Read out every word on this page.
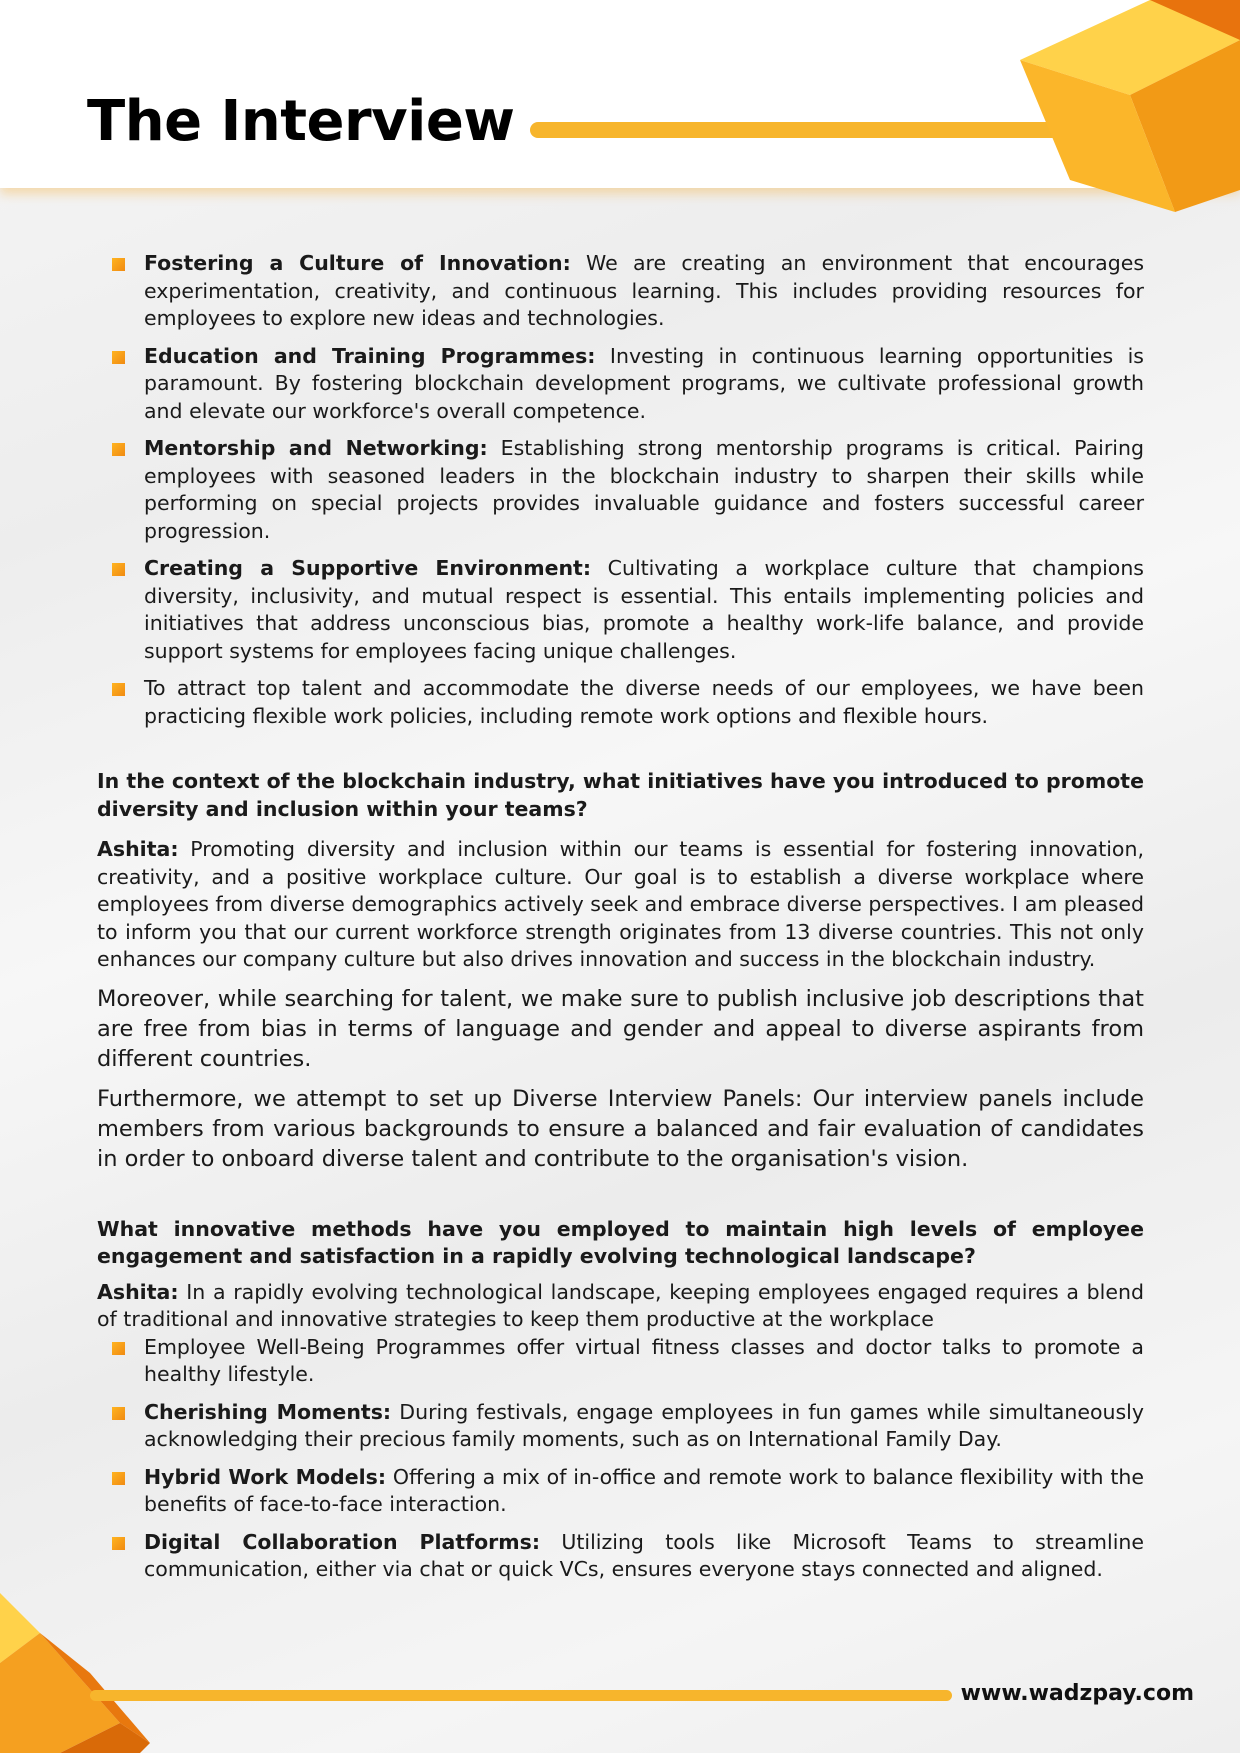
The Interview
Fostering a Culture of Innovation: We are creating an environment that encourages experimentation, creativity, and continuous learning. This includes providing resources for employees to explore new ideas and technologies.
Education and Training Programmes: Investing in continuous learning opportunities is paramount. By fostering blockchain development programs, we cultivate professional growth and elevate our workforce's overall competence.
Mentorship and Networking: Establishing strong mentorship programs is critical. Pairing employees with seasoned leaders in the blockchain industry to sharpen their skills while performing on special projects provides invaluable guidance and fosters successful career progression.
Creating a Supportive Environment: Cultivating a workplace culture that champions diversity, inclusivity, and mutual respect is essential. This entails implementing policies and initiatives that address unconscious bias, promote a healthy work-life balance, and provide support systems for employees facing unique challenges.
To attract top talent and accommodate the diverse needs of our employees, we have been practicing flexible work policies, including remote work options and flexible hours.

In the context of the blockchain industry, what initiatives have you introduced to promote diversity and inclusion within your teams?

Ashita: Promoting diversity and inclusion within our teams is essential for fostering innovation, creativity, and a positive workplace culture. Our goal is to establish a diverse workplace where employees from diverse demographics actively seek and embrace diverse perspectives. I am pleased to inform you that our current workforce strength originates from 13 diverse countries. This not only enhances our company culture but also drives innovation and success in the blockchain industry.

Moreover, while searching for talent, we make sure to publish inclusive job descriptions that are free from bias in terms of language and gender and appeal to diverse aspirants from different countries.

Furthermore, we attempt to set up Diverse Interview Panels: Our interview panels include members from various backgrounds to ensure a balanced and fair evaluation of candidates in order to onboard diverse talent and contribute to the organisation's vision.

What innovative methods have you employed to maintain high levels of employee engagement and satisfaction in a rapidly evolving technological landscape?

Ashita: In a rapidly evolving technological landscape, keeping employees engaged requires a blend of traditional and innovative strategies to keep them productive at the workplace

Employee Well-Being Programmes offer virtual fitness classes and doctor talks to promote a healthy lifestyle.
Cherishing Moments: During festivals, engage employees in fun games while simultaneously acknowledging their precious family moments, such as on International Family Day.
Hybrid Work Models: Offering a mix of in-office and remote work to balance flexibility with the benefits of face-to-face interaction.
Digital Collaboration Platforms: Utilizing tools like Microsoft Teams to streamline communication, either via chat or quick VCs, ensures everyone stays connected and aligned.
www.wadzpay.com
